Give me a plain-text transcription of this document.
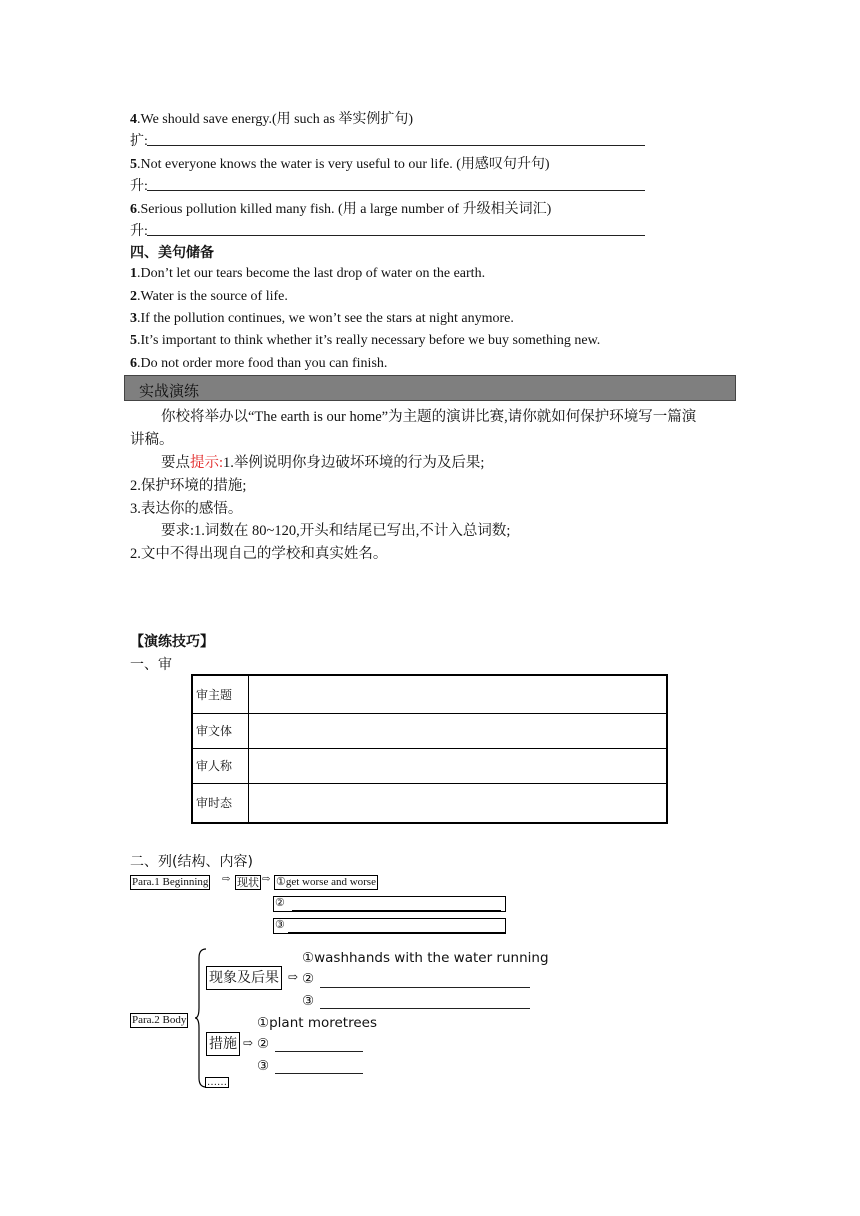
4.We should save energy.(用 such as 举实例扩句)
扩:
5.Not everyone knows the water is very useful to our life. (用感叹句升句)
升:
6.Serious pollution killed many fish. (用 a large number of 升级相关词汇)
升:
四、美句储备
1.Don’t let our tears become the last drop of water on the earth.
2.Water is the source of life.
3.If the pollution continues, we won’t see the stars at night anymore.
5.It’s important to think whether it’s really necessary before we buy something new.
6.Do not order more food than you can finish.
实战演练
你校将举办以“The earth is our home”为主题的演讲比赛,请你就如何保护环境写一篇演
讲稿。
要点提示:1.举例说明你身边破坏环境的行为及后果;
2.保护环境的措施;
3.表达你的感悟。
要求:1.词数在 80~120,开头和结尾已写出,不计入总词数;
2.文中不得出现自己的学校和真实姓名。
【演练技巧】
一、审
审主题	
审文体	
审人称	
审时态	
二、列(结构、内容)
Para.1 Beginning ⇨ 现状 ⇨ ①get worse and worse
②
③
Para.2 Body
现象及后果 ⇨
①washhands with the water running
②
③
①plant moretrees
措施 ⇨ ②
③
……
